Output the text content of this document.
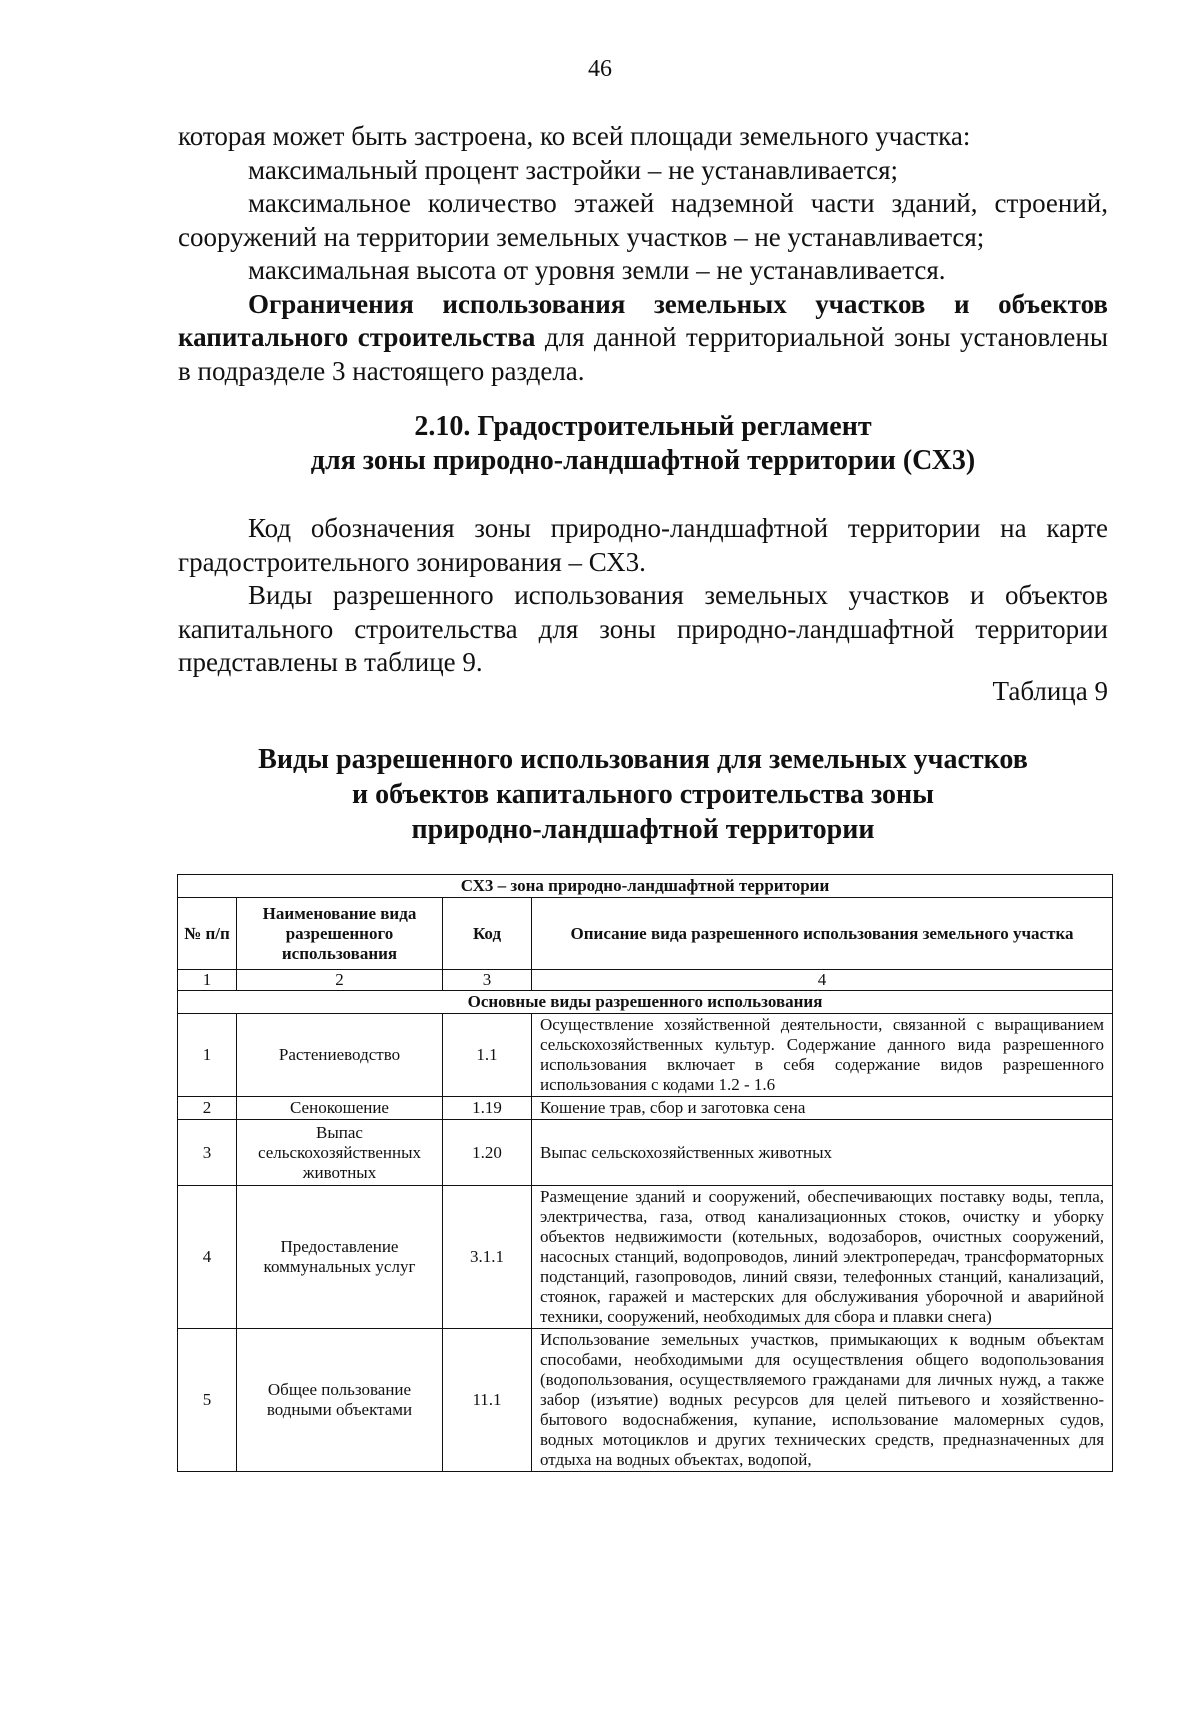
46

которая может быть застроена, ко всей площади земельного участка:

максимальный процент застройки – не устанавливается;

максимальное количество этажей надземной части зданий, строений, сооружений на территории земельных участков – не устанавливается;

максимальная высота от уровня земли – не устанавливается.

Ограничения использования земельных участков и объектов капитального строительства для данной территориальной зоны установлены в подразделе 3 настоящего раздела.

2.10. Градостроительный регламент
для зоны природно-ландшафтной территории (СХ3)

Код обозначения зоны природно-ландшафтной территории на карте градостроительного зонирования – СХ3.

Виды разрешенного использования земельных участков и объектов капитального строительства для зоны природно-ландшафтной территории представлены в таблице 9.

Таблица 9
Виды разрешенного использования для земельных участков
и объектов капитального строительства зоны
природно-ландшафтной территории
СХ3 – зона природно-ландшафтной территории			
№ п/п	Наименование вида разрешенного использования	Код	Описание вида разрешенного использования земельного участка
1	2	3	4
Основные виды разрешенного использования			
1	Растениеводство	1.1	Осуществление хозяйственной деятельности, связанной с выращиванием сельскохозяйственных культур. Содержание данного вида разрешенного использования включает в себя содержание видов разрешенного использования с кодами 1.2 - 1.6
2	Сенокошение	1.19	Кошение трав, сбор и заготовка сена
3	Выпас сельскохозяйственных животных	1.20	Выпас сельскохозяйственных животных
4	Предоставление коммунальных услуг	3.1.1	Размещение зданий и сооружений, обеспечивающих поставку воды, тепла, электричества, газа, отвод канализационных стоков, очистку и уборку объектов недвижимости (котельных, водозаборов, очистных сооружений, насосных станций, водопроводов, линий электропередач, трансформаторных подстанций, газопроводов, линий связи, телефонных станций, канализаций, стоянок, гаражей и мастерских для обслуживания уборочной и аварийной техники, сооружений, необходимых для сбора и плавки снега)
5	Общее пользование водными объектами	11.1	Использование земельных участков, примыкающих к водным объектам способами, необходимыми для осуществления общего водопользования (водопользования, осуществляемого гражданами для личных нужд, а также забор (изъятие) водных ресурсов для целей питьевого и хозяйственно-бытового водоснабжения, купание, использование маломерных судов, водных мотоциклов и других технических средств, предназначенных для отдыха на водных объектах, водопой,
